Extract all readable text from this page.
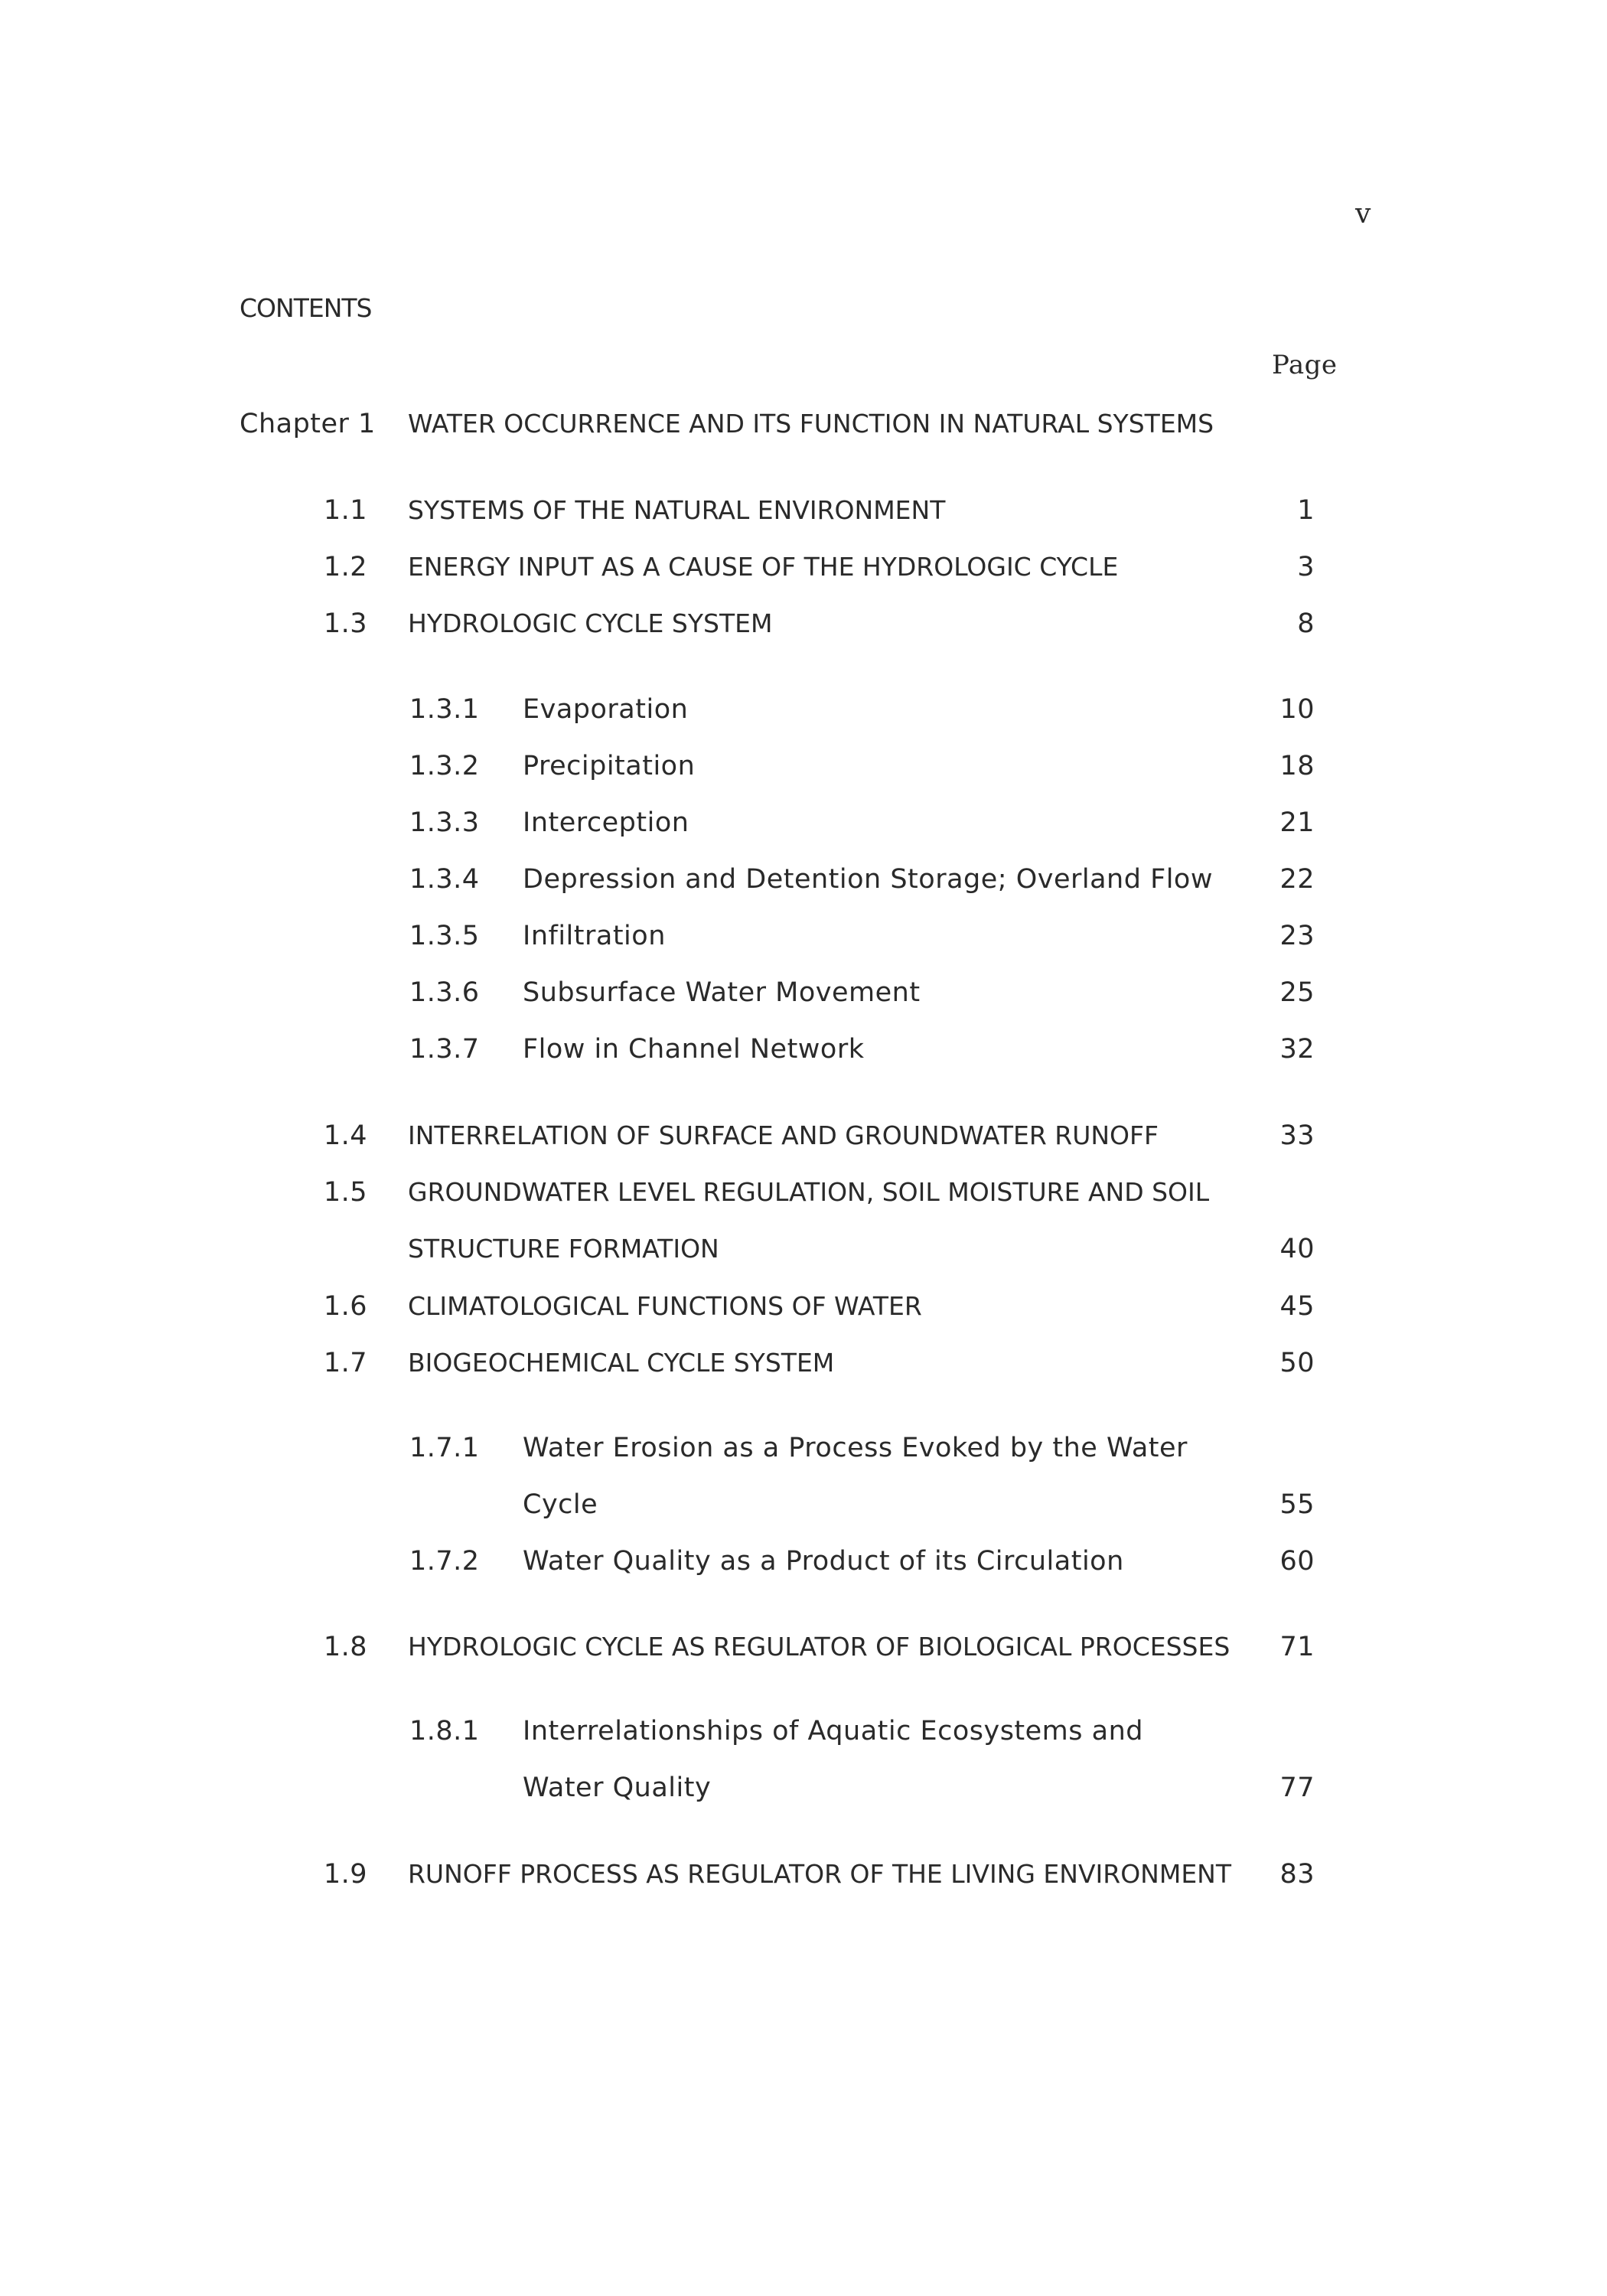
v
CONTENTS
Page
Chapter 1 WATER OCCURRENCE AND ITS FUNCTION IN NATURAL SYSTEMS
1.1 SYSTEMS OF THE NATURAL ENVIRONMENT	1
1.2 ENERGY INPUT AS A CAUSE OF THE HYDROLOGIC CYCLE	3
1.3 HYDROLOGIC CYCLE SYSTEM	8
1.3.1 Evaporation	10
1.3.2 Precipitation	18
1.3.3 Interception	21
1.3.4 Depression and Detention Storage; Overland Flow 22
1.3.5 Infiltration	23
1.3.6 Subsurface Water Movement	25
1.3.7 Flow in Channel Network	32
1.4 INTERRELATION OF SURFACE AND GROUNDWATER RUNOFF	33
1.5 GROUNDWATER LEVEL REGULATION, SOIL MOISTURE AND SOIL
STRUCTURE FORMATION	40
1.6 CLIMATOLOGICAL FUNCTIONS OF WATER	45
1.7 BIOGEOCHEMICAL CYCLE SYSTEM	50
1.7.1 Water Erosion as a Process Evoked by the Water
Cycle	55
1.7.2 Water Quality as a Product of its Circulation	60
1.8 HYDROLOGIC CYCLE AS REGULATOR OF BIOLOGICAL PROCESSES 71
1.8.1 Interrelationships of Aquatic Ecosystems and
Water Quality	77
1.9 RUNOFF PROCESS AS REGULATOR OF THE LIVING ENVIRONMENT 83
